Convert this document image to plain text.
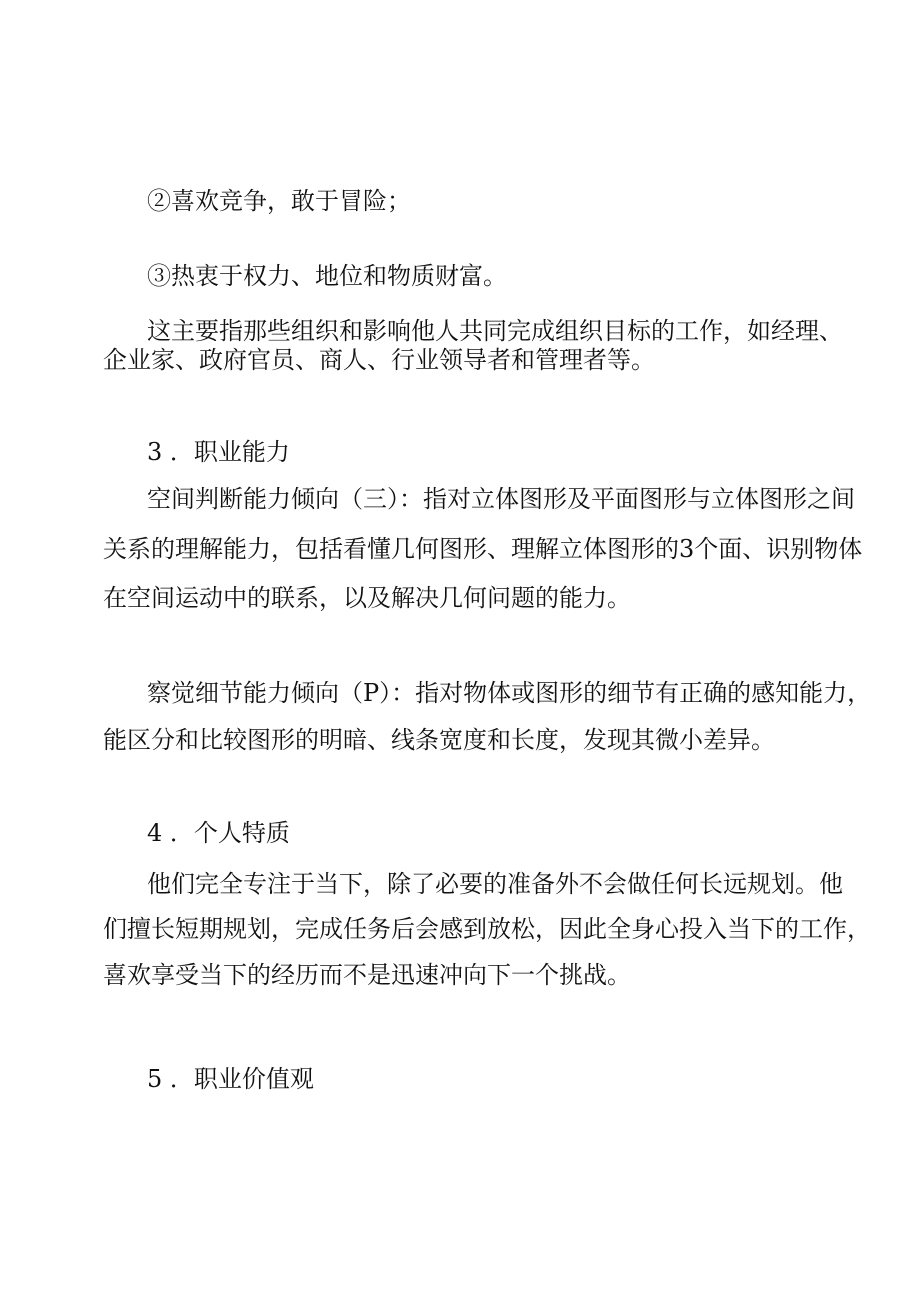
②喜欢竞争，敢于冒险；
③热衷于权力、地位和物质财富。
这主要指那些组织和影响他人共同完成组织目标的工作，如经理、
企业家、政府官员、商人、行业领导者和管理者等。
3 ．职业能力
空间判断能力倾向（三）：指对立体图形及平面图形与立体图形之间
关系的理解能力，包括看懂几何图形、理解立体图形的3个面、识别物体
在空间运动中的联系，以及解决几何问题的能力。
察觉细节能力倾向（P）：指对物体或图形的细节有正确的感知能力，
能区分和比较图形的明暗、线条宽度和长度，发现其微小差异。
4 ．个人特质
他们完全专注于当下，除了必要的准备外不会做任何长远规划。他
们擅长短期规划，完成任务后会感到放松，因此全身心投入当下的工作，
喜欢享受当下的经历而不是迅速冲向下一个挑战。
5 ．职业价值观
